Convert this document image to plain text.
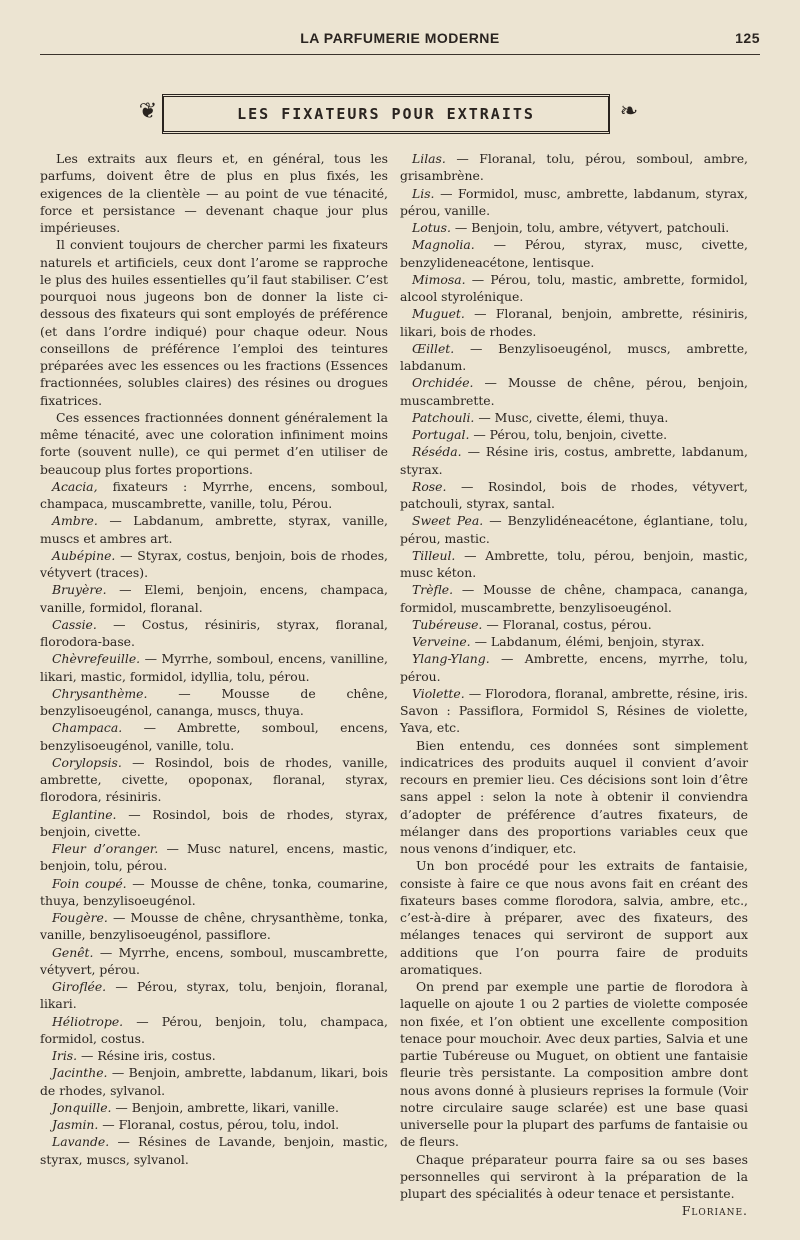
LA PARFUMERIE MODERNE	125
❦	LES FIXATEURS POUR EXTRAITS	❧

Les extraits aux fleurs et, en général, tous les parfums, doivent être de plus en plus fixés, les exigences de la clientèle — au point de vue ténacité, force et persistance — devenant chaque jour plus impérieuses.

Il convient toujours de chercher parmi les fixateurs naturels et artificiels, ceux dont l’arome se rapproche le plus des huiles essentielles qu’il faut stabiliser. C’est pourquoi nous jugeons bon de donner la liste ci-dessous des fixateurs qui sont employés de préférence (et dans l’ordre indiqué) pour chaque odeur. Nous conseillons de préférence l’emploi des teintures préparées avec les essences ou les fractions (Essences fractionnées, solubles claires) des résines ou drogues fixatrices.

Ces essences fractionnées donnent généralement la même ténacité, avec une coloration infiniment moins forte (souvent nulle), ce qui permet d’en utiliser de beaucoup plus fortes proportions.

Acacia, fixateurs : Myrrhe, encens, somboul, champaca, muscambrette, vanille, tolu, Pérou.

Ambre. — Labdanum, ambrette, styrax, vanille, muscs et ambres art.

Aubépine. — Styrax, costus, benjoin, bois de rhodes, vétyvert (traces).

Bruyère. — Elemi, benjoin, encens, champaca, vanille, formidol, floranal.

Cassie. — Costus, résiniris, styrax, floranal, florodora-base.

Chèvrefeuille. — Myrrhe, somboul, encens, vanilline, likari, mastic, formidol, idyllia, tolu, pérou.

Chrysanthème. — Mousse de chêne, benzylisoeugénol, cananga, muscs, thuya.

Champaca. — Ambrette, somboul, encens, benzylisoeugénol, vanille, tolu.

Corylopsis. — Rosindol, bois de rhodes, vanille, ambrette, civette, opoponax, floranal, styrax, florodora, résiniris.

Eglantine. — Rosindol, bois de rhodes, styrax, benjoin, civette.

Fleur d’oranger. — Musc naturel, encens, mastic, benjoin, tolu, pérou.

Foin coupé. — Mousse de chêne, tonka, coumarine, thuya, benzylisoeugénol.

Fougère. — Mousse de chêne, chrysanthème, tonka, vanille, benzylisoeugénol, passiflore.

Genêt. — Myrrhe, encens, somboul, muscambrette, vétyvert, pérou.

Giroflée. — Pérou, styrax, tolu, benjoin, floranal, likari.

Héliotrope. — Pérou, benjoin, tolu, champaca, formidol, costus.

Iris. — Résine iris, costus.

Jacinthe. — Benjoin, ambrette, labdanum, likari, bois de rhodes, sylvanol.

Jonquille. — Benjoin, ambrette, likari, vanille.

Jasmin. — Floranal, costus, pérou, tolu, indol.

Lavande. — Résines de Lavande, benjoin, mastic, styrax, muscs, sylvanol.

Lilas. — Floranal, tolu, pérou, somboul, ambre, grisambrène.

Lis. — Formidol, musc, ambrette, labdanum, styrax, pérou, vanille.

Lotus. — Benjoin, tolu, ambre, vétyvert, patchouli.

Magnolia. — Pérou, styrax, musc, civette, benzylideneacétone, lentisque.

Mimosa. — Pérou, tolu, mastic, ambrette, formidol, alcool styrolénique.

Muguet. — Floranal, benjoin, ambrette, résiniris, likari, bois de rhodes.

Œillet. — Benzylisoeugénol, muscs, ambrette, labdanum.

Orchidée. — Mousse de chêne, pérou, benjoin, muscambrette.

Patchouli. — Musc, civette, élemi, thuya.

Portugal. — Pérou, tolu, benjoin, civette.

Réséda. — Résine iris, costus, ambrette, labdanum, styrax.

Rose. — Rosindol, bois de rhodes, vétyvert, patchouli, styrax, santal.

Sweet Pea. — Benzylidéneacétone, églantiane, tolu, pérou, mastic.

Tilleul. — Ambrette, tolu, pérou, benjoin, mastic, musc kéton.

Trèfle. — Mousse de chêne, champaca, cananga, formidol, muscambrette, benzylisoeugénol.

Tubéreuse. — Floranal, costus, pérou.

Verveine. — Labdanum, élémi, benjoin, styrax.

Ylang-Ylang. — Ambrette, encens, myrrhe, tolu, pérou.

Violette. — Florodora, floranal, ambrette, résine, iris. Savon : Passiflora, Formidol S, Résines de violette, Yava, etc.

Bien entendu, ces données sont simplement indicatrices des produits auquel il convient d’avoir recours en premier lieu. Ces décisions sont loin d’être sans appel : selon la note à obtenir il conviendra d’adopter de préférence d’autres fixateurs, de mélanger dans des proportions variables ceux que nous venons d’indiquer, etc.

Un bon procédé pour les extraits de fantaisie, consiste à faire ce que nous avons fait en créant des fixateurs bases comme florodora, salvia, ambre, etc., c’est-à-dire à préparer, avec des fixateurs, des mélanges tenaces qui serviront de support aux additions que l’on pourra faire de produits aromatiques.

On prend par exemple une partie de florodora à laquelle on ajoute 1 ou 2 parties de violette composée non fixée, et l’on obtient une excellente composition tenace pour mouchoir. Avec deux parties, Salvia et une partie Tubéreuse ou Muguet, on obtient une fantaisie fleurie très persistante. La composition ambre dont nous avons donné à plusieurs reprises la formule (Voir notre circulaire sauge sclarée) est une base quasi universelle pour la plupart des parfums de fantaisie ou de fleurs.

Chaque préparateur pourra faire sa ou ses bases personnelles qui serviront à la préparation de la plupart des spécialités à odeur tenace et persistante.

Floriane.
